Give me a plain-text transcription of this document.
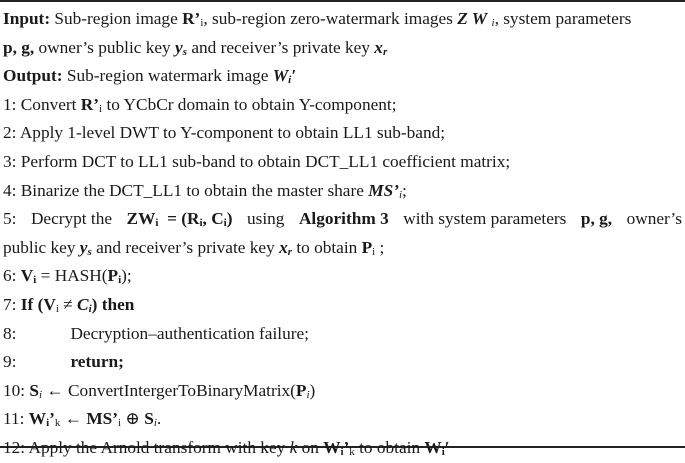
Input: Sub-region image $R’_i$, sub-region zero-watermark images Z W $_i$, system parameters
p, g, owner’s public key $y_s$ and receiver’s private key $x_r$
Output: Sub-region watermark image $W_i'$
1: Convert $R’_i$ to YCbCr domain to obtain Y-component;
2: Apply 1-level DWT to Y-component to obtain LL1 sub-band;
3: Perform DCT to LL1 sub-band to obtain DCT_LL1 coefficient matrix;
4: Binarize the DCT_LL1 to obtain the master share $MS’_i$;
5: Decrypt the $ZW_i = (R_i$, $C_i$) using Algorithm 3 with system parameters p, g, owner’s
public key $y_s$ and receiver’s private key $x_r$ to obtain $P_i$ ;
6: $V_i$ = $HASH(P_i)$;
7: If $(V_i \ne C_i)$ then
8:	Decryption–authentication failure;
9:	return;
10: $S_i$ ← $ConvertIntergerToBinaryMatrix(P_i)$
11: $W_i’_k$ ← $MS’_i$ ⊕ $S_i$.
12: Apply the Arnold transform with key k on $W_i’_k$ to obtain $W_i'$
